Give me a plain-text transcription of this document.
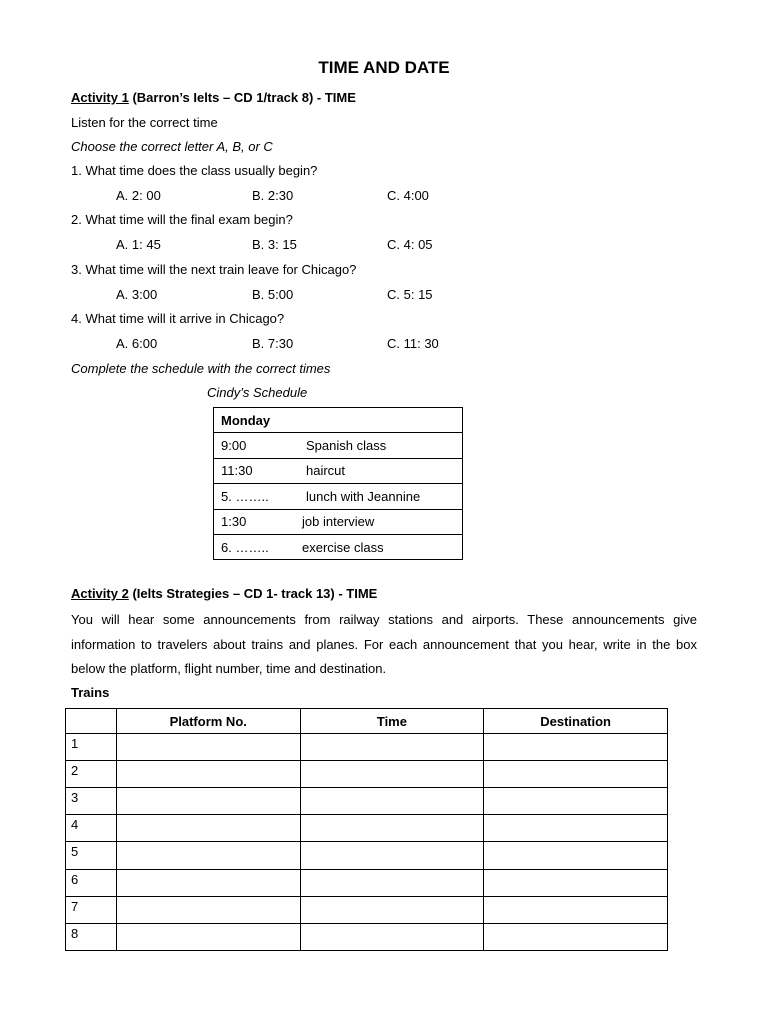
TIME AND DATE
Activity 1 (Barron’s Ielts – CD 1/track 8) - TIME
Listen for the correct time
Choose the correct letter A, B, or C
1. What time does the class usually begin?
A. 2: 00	B. 2:30	C. 4:00
2. What time will the final exam begin?
A. 1: 45	B. 3: 15	C. 4: 05
3. What time will the next train leave for Chicago?
A. 3:00	B. 5:00	C. 5: 15
4. What time will it arrive in Chicago?
A. 6:00	B. 7:30	C. 11: 30
Complete the schedule with the correct times
Cindy’s Schedule
Monday
9:00	Spanish class
11:30	haircut
5. ……..	lunch with Jeannine
1:30	job interview
6. ……..	exercise class
Activity 2 (Ielts Strategies – CD 1- track 13) - TIME
You will hear some announcements from railway stations and airports. These announcements give information to travelers about trains and planes. For each announcement that you hear, write in the box below the platform, flight number, time and destination.
Trains
	Platform No.	Time	Destination
1			
2			
3			
4			
5			
6			
7			
8			
